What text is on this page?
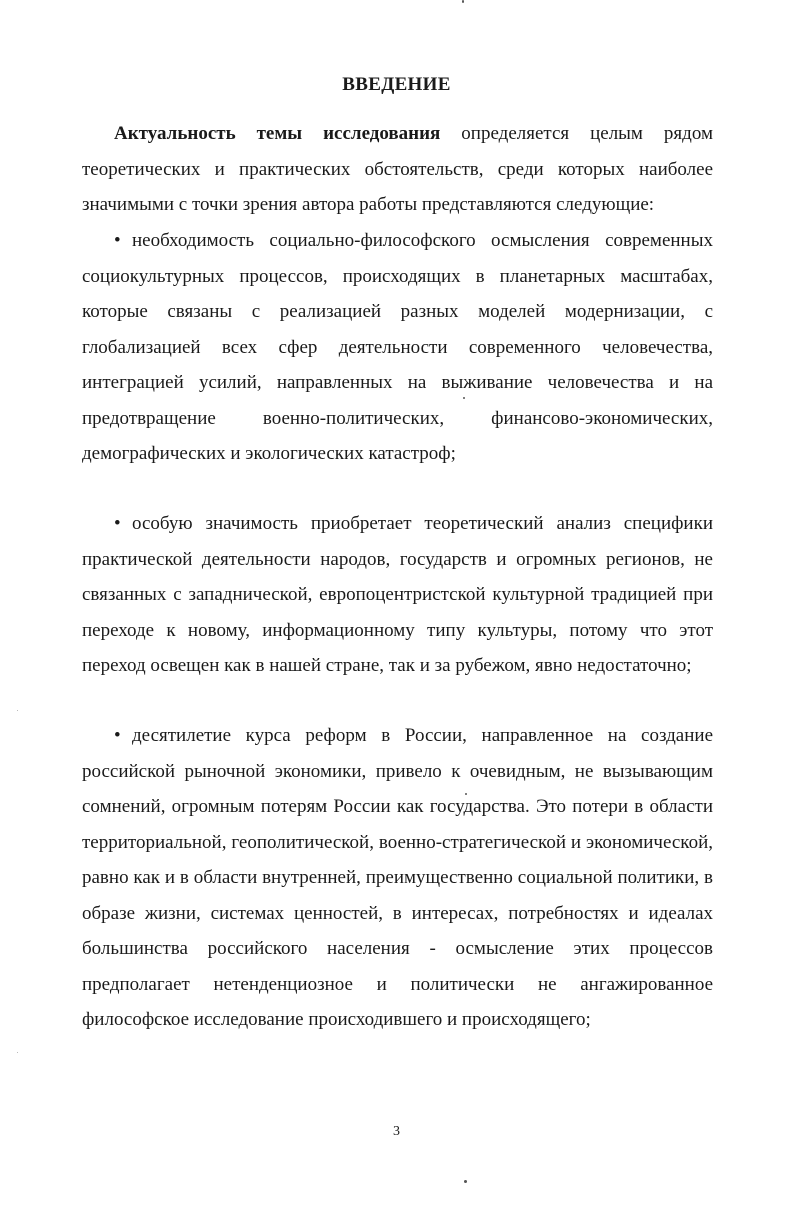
ВВЕДЕНИЕ

Актуальность темы исследования определяется целым рядом теоретических и практических обстоятельств, среди которых наиболее значимыми с точки зрения автора работы представляются следующие:

• необходимость социально-философского осмысления современных социокультурных процессов, происходящих в планетарных масштабах, которые связаны с реализацией разных моделей модернизации, с глобализацией всех сфер деятельности современного человечества, интеграцией усилий, направленных на выживание человечества и на предотвращение военно-политических, финансово-экономических, демографических и экологических катастроф;

• особую значимость приобретает теоретический анализ специфики практической деятельности народов, государств и огромных регионов, не связанных с западнической, европоцентристской культурной традицией при переходе к новому, информационному типу культуры, потому что этот переход освещен как в нашей стране, так и за рубежом, явно недостаточно;

• десятилетие курса реформ в России, направленное на создание российской рыночной экономики, привело к очевидным, не вызывающим сомнений, огромным потерям России как государства. Это потери в области территориальной, геополитической, военно-стратегической и экономической, равно как и в области внутренней, преимущественно социальной политики, в образе жизни, системах ценностей, в интересах, потребностях и идеалах большинства российского населения - осмысление этих процессов предполагает нетенденциозное и политически не ангажированное философское исследование происходившего и происходящего;

3
